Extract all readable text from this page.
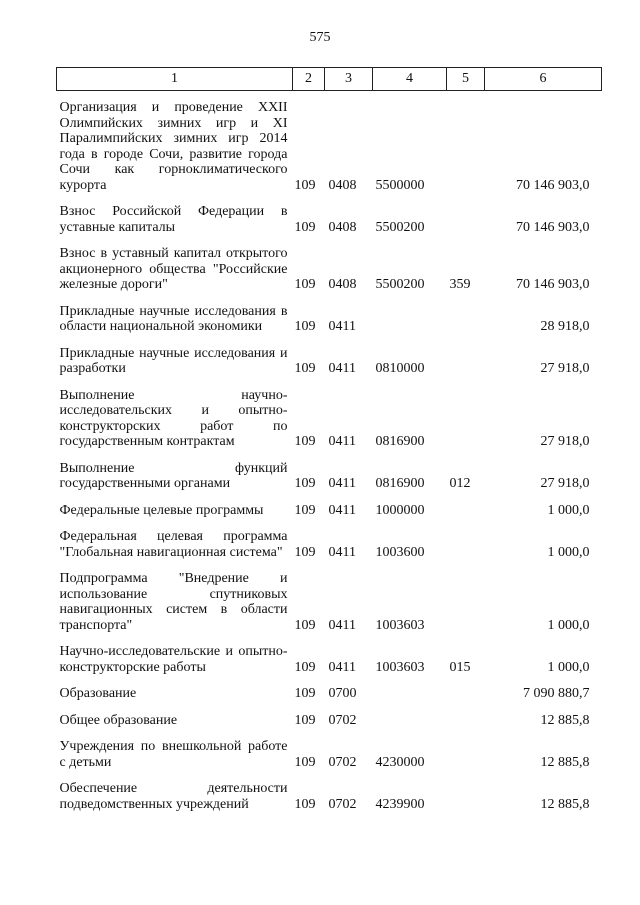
575
1	2	3	4	5	6

Организация и проведение XXII Олимпийских зимних игр и XI Паралимпийских зимних игр 2014 года в городе Сочи, развитие города Сочи как горноклиматического курорта	109	0408	5500000		70 146 903,0

Взнос Российской Федерации в уставные капиталы	109	0408	5500200		70 146 903,0

Взнос в уставный капитал открытого акционерного общества "Российские железные дороги"	109	0408	5500200	359	70 146 903,0

Прикладные научные исследования в области национальной экономики	109	0411			28 918,0

Прикладные научные исследования и разработки	109	0411	0810000		27 918,0

Выполнение научно-исследовательских и опытно-конструкторских работ по государственным контрактам	109	0411	0816900		27 918,0

Выполнение функций государственными органами	109	0411	0816900	012	27 918,0

Федеральные целевые программы	109	0411	1000000		1 000,0

Федеральная целевая программа "Глобальная навигационная система"	109	0411	1003600		1 000,0

Подпрограмма "Внедрение и использование спутниковых навигационных систем в области транспорта"	109	0411	1003603		1 000,0

Научно-исследовательские и опытно-конструкторские работы	109	0411	1003603	015	1 000,0

Образование	109	0700			7 090 880,7

Общее образование	109	0702			12 885,8

Учреждения по внешкольной работе с детьми	109	0702	4230000		12 885,8

Обеспечение деятельности подведомственных учреждений	109	0702	4239900		12 885,8
